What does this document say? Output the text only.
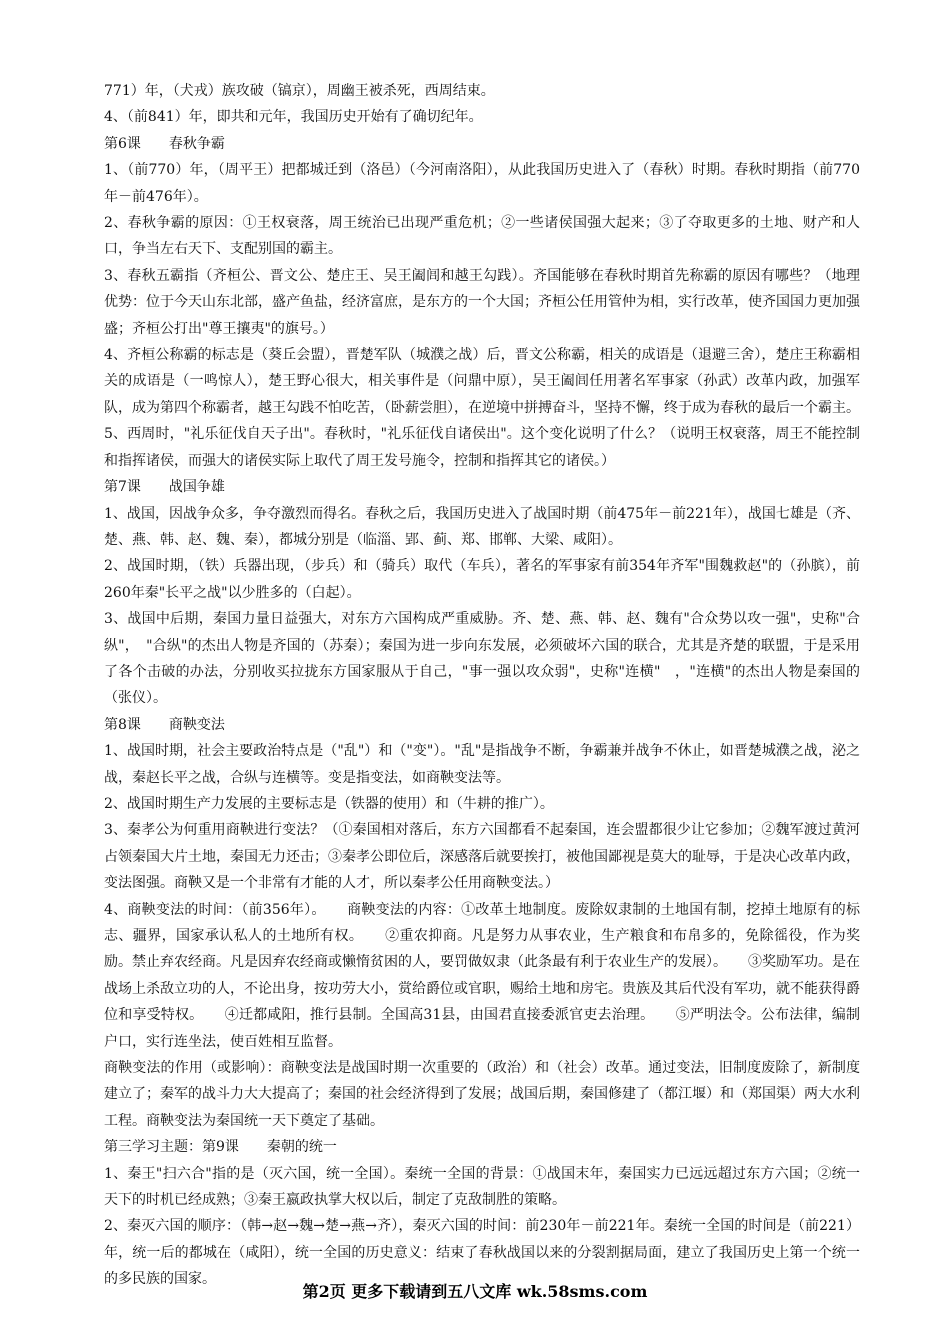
771）年，（犬戎）族攻破（镐京），周幽王被杀死，西周结束。

4、（前841）年，即共和元年，我国历史开始有了确切纪年。

第6课　　春秋争霸

1、（前770）年，（周平王）把都城迁到（洛邑）（今河南洛阳），从此我国历史进入了（春秋）时期。春秋时期指（前770年－前476年）。

2、春秋争霸的原因：①王权衰落，周王统治已出现严重危机；②一些诸侯国强大起来；③了夺取更多的土地、财产和人口，争当左右天下、支配别国的霸主。

3、春秋五霸指（齐桓公、晋文公、楚庄王、吴王阖闾和越王勾践）。齐国能够在春秋时期首先称霸的原因有哪些？（地理优势：位于今天山东北部，盛产鱼盐，经济富庶，是东方的一个大国；齐桓公任用管仲为相，实行改革，使齐国国力更加强盛；齐桓公打出"尊王攘夷"的旗号。）

4、齐桓公称霸的标志是（葵丘会盟），晋楚军队（城濮之战）后，晋文公称霸，相关的成语是（退避三舍），楚庄王称霸相关的成语是（一鸣惊人），楚王野心很大，相关事件是（问鼎中原），吴王阖闾任用著名军事家（孙武）改革内政，加强军队，成为第四个称霸者，越王勾践不怕吃苦，（卧薪尝胆），在逆境中拼搏奋斗，坚持不懈，终于成为春秋的最后一个霸主。

5、西周时，"礼乐征伐自天子出"。春秋时，"礼乐征伐自诸侯出"。这个变化说明了什么？（说明王权衰落，周王不能控制和指挥诸侯，而强大的诸侯实际上取代了周王发号施令，控制和指挥其它的诸侯。）

第7课　　战国争雄

1、战国，因战争众多，争夺激烈而得名。春秋之后，我国历史进入了战国时期（前475年－前221年），战国七雄是（齐、楚、燕、韩、赵、魏、秦），都城分别是（临淄、郢、蓟、郑、邯郸、大梁、咸阳）。

2、战国时期，（铁）兵器出现，（步兵）和（骑兵）取代（车兵），著名的军事家有前354年齐军"围魏救赵"的（孙膑），前260年秦"长平之战"以少胜多的（白起）。

3、战国中后期，秦国力量日益强大，对东方六国构成严重威胁。齐、楚、燕、韩、赵、魏有"合众势以攻一强"，史称"合纵"，　"合纵"的杰出人物是齐国的（苏秦）；秦国为进一步向东发展，必须破坏六国的联合，尤其是齐楚的联盟，于是采用了各个击破的办法，分别收买拉拢东方国家服从于自己，"事一强以攻众弱"，史称"连横"　，"连横"的杰出人物是秦国的（张仪）。

第8课　　商鞅变法

1、战国时期，社会主要政治特点是（"乱"）和（"变"）。"乱"是指战争不断，争霸兼并战争不休止，如晋楚城濮之战，泌之战，秦赵长平之战，合纵与连横等。变是指变法，如商鞅变法等。

2、战国时期生产力发展的主要标志是（铁器的使用）和（牛耕的推广）。

3、秦孝公为何重用商鞅进行变法？（①秦国相对落后，东方六国都看不起秦国，连会盟都很少让它参加；②魏军渡过黄河占领秦国大片土地，秦国无力还击；③秦孝公即位后，深感落后就要挨打，被他国鄙视是莫大的耻辱，于是决心改革内政，变法图强。商鞅又是一个非常有才能的人才，所以秦孝公任用商鞅变法。）

4、商鞅变法的时间：（前356年）。　　商鞅变法的内容：①改革土地制度。废除奴隶制的土地国有制，挖掉土地原有的标志、疆界，国家承认私人的土地所有权。　　②重农抑商。凡是努力从事农业，生产粮食和布帛多的，免除徭役，作为奖励。禁止弃农经商。凡是因弃农经商或懒惰贫困的人，要罚做奴隶（此条最有利于农业生产的发展）。　　③奖励军功。是在战场上杀敌立功的人，不论出身，按功劳大小，赏给爵位或官职，赐给土地和房宅。贵族及其后代没有军功，就不能获得爵位和享受特权。　　④迁都咸阳，推行县制。全国高31县，由国君直接委派官吏去治理。　　⑤严明法令。公布法律，编制户口，实行连坐法，使百姓相互监督。

商鞅变法的作用（或影响）：商鞅变法是战国时期一次重要的（政治）和（社会）改革。通过变法，旧制度废除了，新制度建立了；秦军的战斗力大大提高了；秦国的社会经济得到了发展；战国后期，秦国修建了（都江堰）和（郑国渠）两大水利工程。商鞅变法为秦国统一天下奠定了基础。

第三学习主题：第9课　　秦朝的统一

1、秦王"扫六合"指的是（灭六国，统一全国）。秦统一全国的背景：①战国末年，秦国实力已远远超过东方六国；②统一天下的时机已经成熟；③秦王嬴政执掌大权以后，制定了克敌制胜的策略。

2、秦灭六国的顺序：（韩→赵→魏→楚→燕→齐），秦灭六国的时间：前230年－前221年。秦统一全国的时间是（前221）年，统一后的都城在（咸阳），统一全国的历史意义：结束了春秋战国以来的分裂割据局面，建立了我国历史上第一个统一的多民族的国家。

第2页 更多下载请到五八文库 wk.58sms.com
